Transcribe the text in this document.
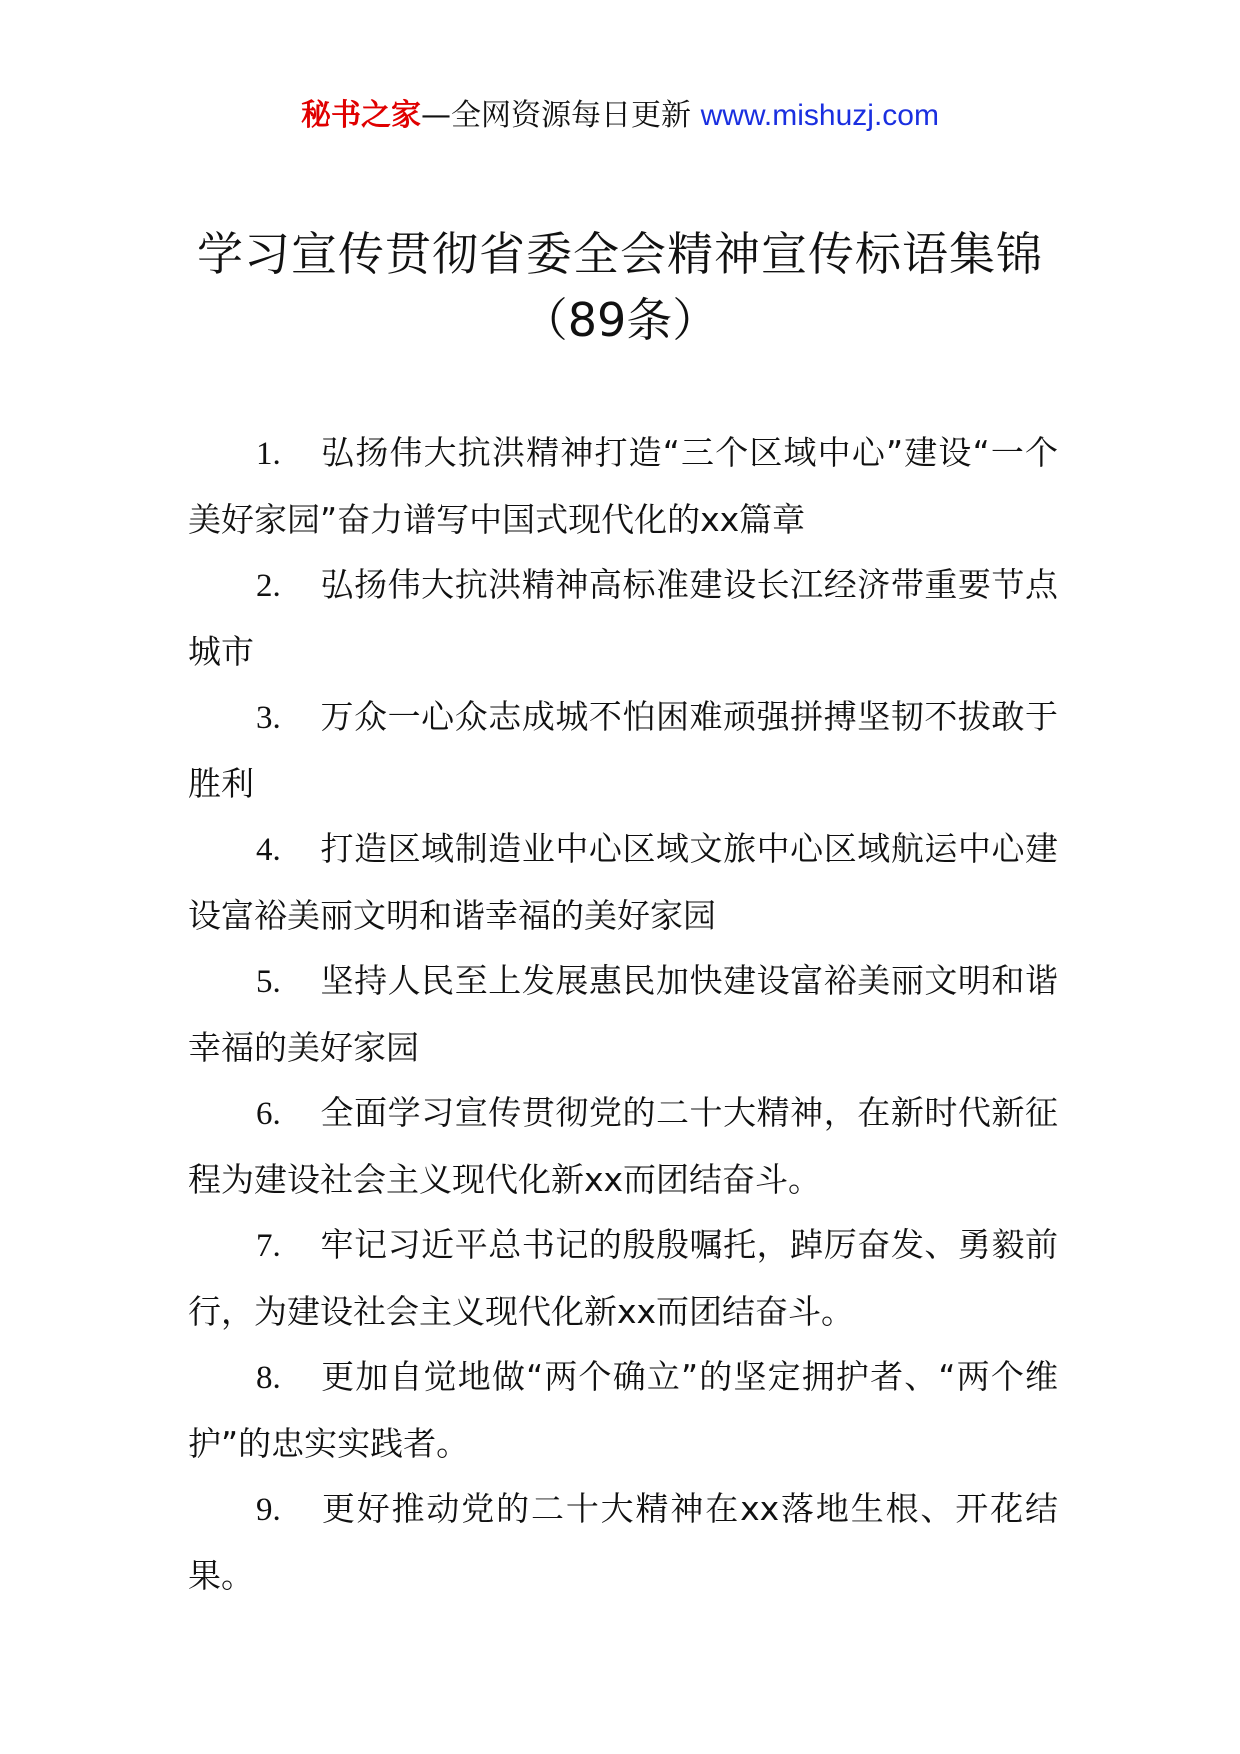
秘书之家—全网资源每日更新 www.mishuzj.com
学习宣传贯彻省委全会精神宣传标语集锦
（89条）
1. 弘扬伟大抗洪精神打造“三个区域中心”建设“一个美好家园”奋力谱写中国式现代化的xx篇章
2. 弘扬伟大抗洪精神高标准建设长江经济带重要节点城市
3. 万众一心众志成城不怕困难顽强拼搏坚韧不拔敢于胜利
4. 打造区域制造业中心区域文旅中心区域航运中心建设富裕美丽文明和谐幸福的美好家园
5. 坚持人民至上发展惠民加快建设富裕美丽文明和谐幸福的美好家园
6. 全面学习宣传贯彻党的二十大精神，在新时代新征程为建设社会主义现代化新xx而团结奋斗。
7. 牢记习近平总书记的殷殷嘱托，踔厉奋发、勇毅前行，为建设社会主义现代化新xx而团结奋斗。
8. 更加自觉地做“两个确立”的坚定拥护者、“两个维护”的忠实实践者。
9. 更好推动党的二十大精神在xx落地生根、开花结果。
